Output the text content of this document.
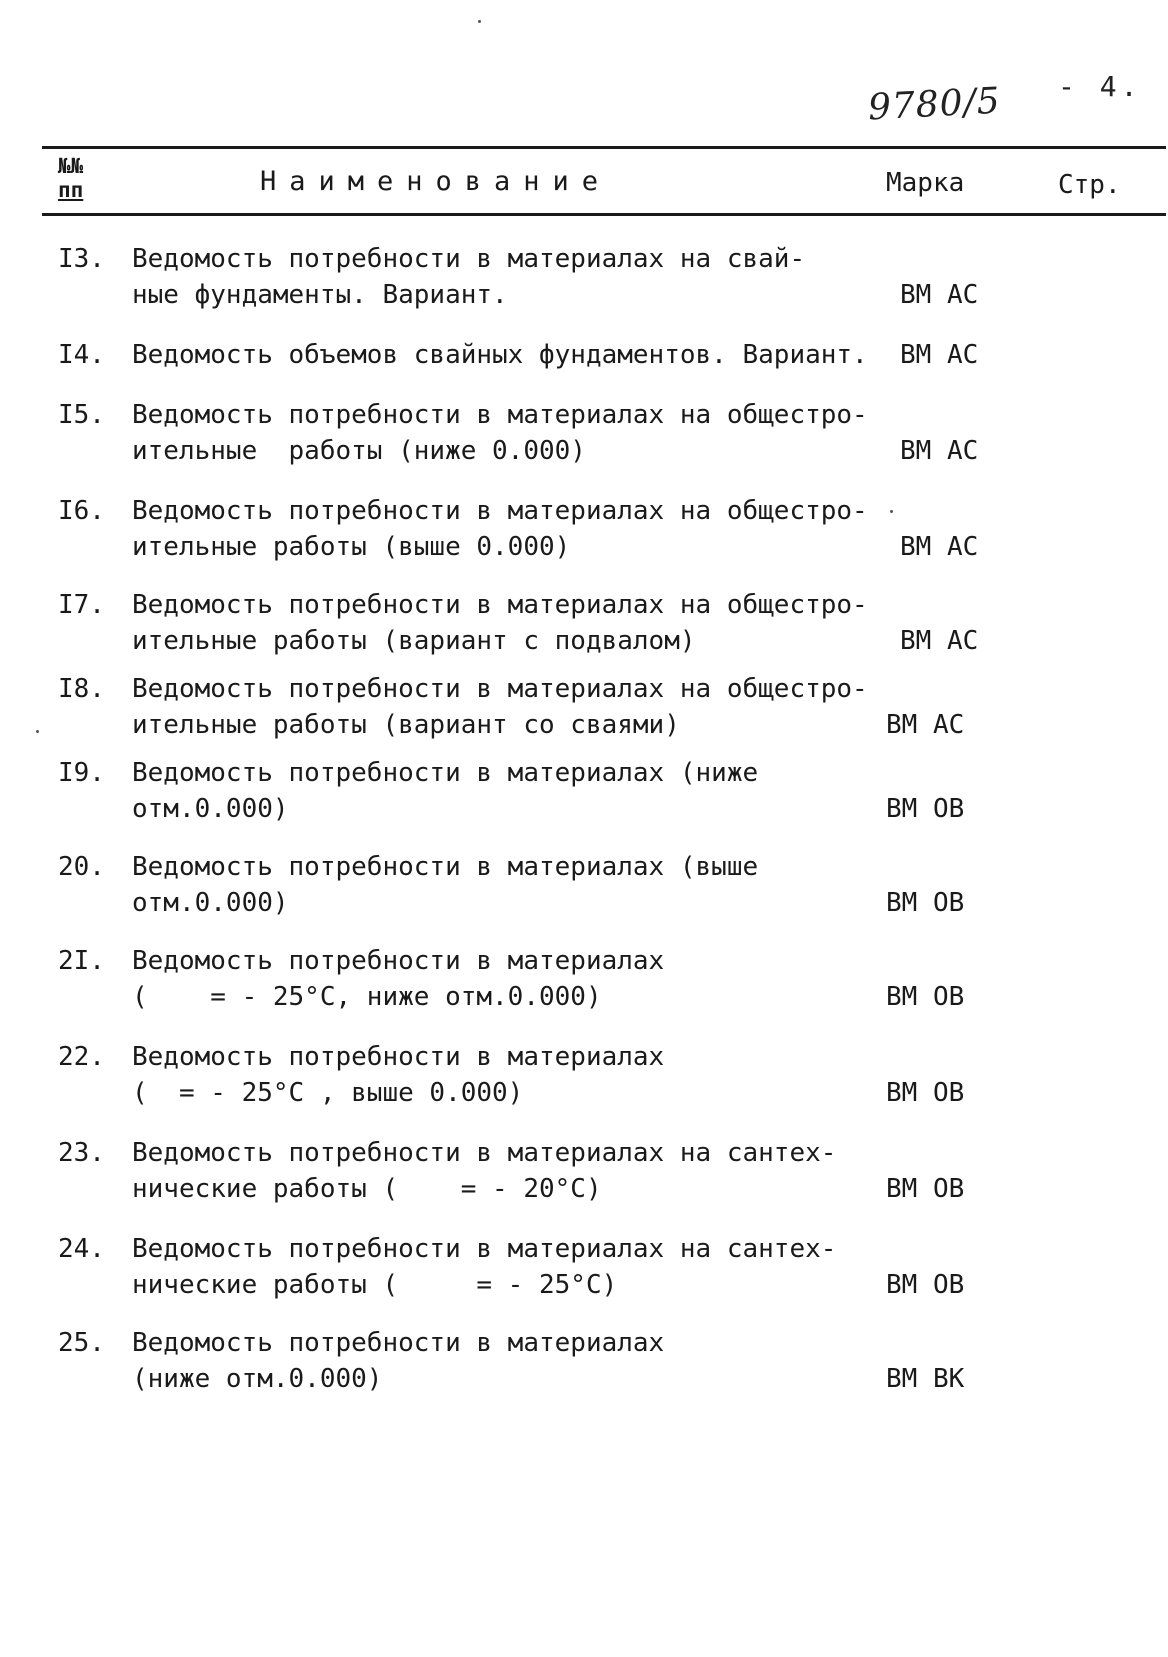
9780/5 - 4.
№№
пп	Наименование	Марка	Стр.
I3. Ведомость потребности в материалах на свай-
ные фундаменты. Вариант.	ВМ АС
I4. Ведомость объемов свайных фундаментов. Вариант. ВМ АС
I5. Ведомость потребности в материалах на общестро-
ительные  работы (ниже 0.000)	ВМ АС
I6. Ведомость потребности в материалах на общестро-
ительные работы (выше 0.000)	ВМ АС
I7. Ведомость потребности в материалах на общестро-
ительные работы (вариант с подвалом)	ВМ АС
I8. Ведомость потребности в материалах на общестро-
ительные работы (вариант со сваями)	ВМ АС
I9. Ведомость потребности в материалах (ниже
отм.0.000)	ВМ ОВ
20. Ведомость потребности в материалах (выше
отм.0.000)	ВМ ОВ
2I. Ведомость потребности в материалах
(    = - 25°С, ниже отм.0.000)	ВМ ОВ
22. Ведомость потребности в материалах
(  = - 25°С , выше 0.000)	ВМ ОВ
23. Ведомость потребности в материалах на сантех-
нические работы (    = - 20°С)	ВМ ОВ
24. Ведомость потребности в материалах на сантех-
нические работы (     = - 25°С)	ВМ ОВ
25. Ведомость потребности в материалах
(ниже отм.0.000)	ВМ ВК
